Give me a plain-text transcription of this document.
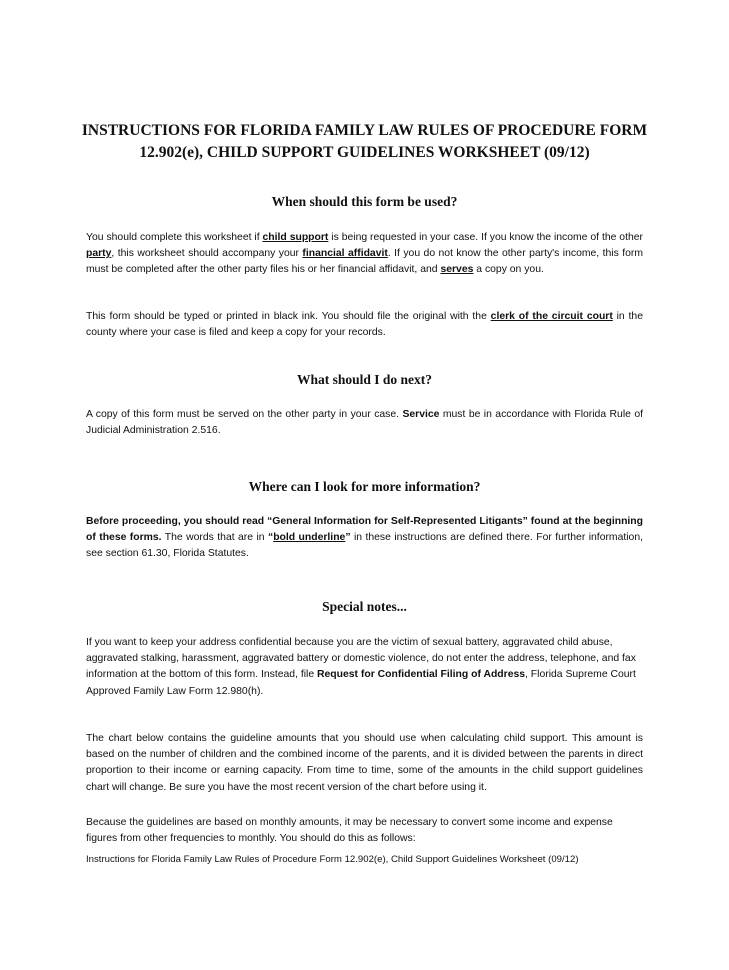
INSTRUCTIONS FOR FLORIDA FAMILY LAW RULES OF PROCEDURE FORM
12.902(e), CHILD SUPPORT GUIDELINES WORKSHEET (09/12)
When should this form be used?
You should complete this worksheet if child support is being requested in your case. If you know the income of the other party, this worksheet should accompany your financial affidavit. If you do not know the other party's income, this form must be completed after the other party files his or her financial affidavit, and serves a copy on you.
This form should be typed or printed in black ink. You should file the original with the clerk of the circuit court in the county where your case is filed and keep a copy for your records.
What should I do next?
A copy of this form must be served on the other party in your case. Service must be in accordance with Florida Rule of Judicial Administration 2.516.
Where can I look for more information?
Before proceeding, you should read “General Information for Self-Represented Litigants” found at the beginning of these forms. The words that are in “bold underline” in these instructions are defined there. For further information, see section 61.30, Florida Statutes.
Special notes...
If you want to keep your address confidential because you are the victim of sexual battery, aggravated child abuse, aggravated stalking, harassment, aggravated battery or domestic violence, do not enter the address, telephone, and fax information at the bottom of this form. Instead, file Request for Confidential Filing of Address, Florida Supreme Court Approved Family Law Form 12.980(h).
The chart below contains the guideline amounts that you should use when calculating child support. This amount is based on the number of children and the combined income of the parents, and it is divided between the parents in direct proportion to their income or earning capacity. From time to time, some of the amounts in the child support guidelines chart will change. Be sure you have the most recent version of the chart before using it.
Because the guidelines are based on monthly amounts, it may be necessary to convert some income and expense figures from other frequencies to monthly. You should do this as follows:
Instructions for Florida Family Law Rules of Procedure Form 12.902(e), Child Support Guidelines Worksheet (09/12)
